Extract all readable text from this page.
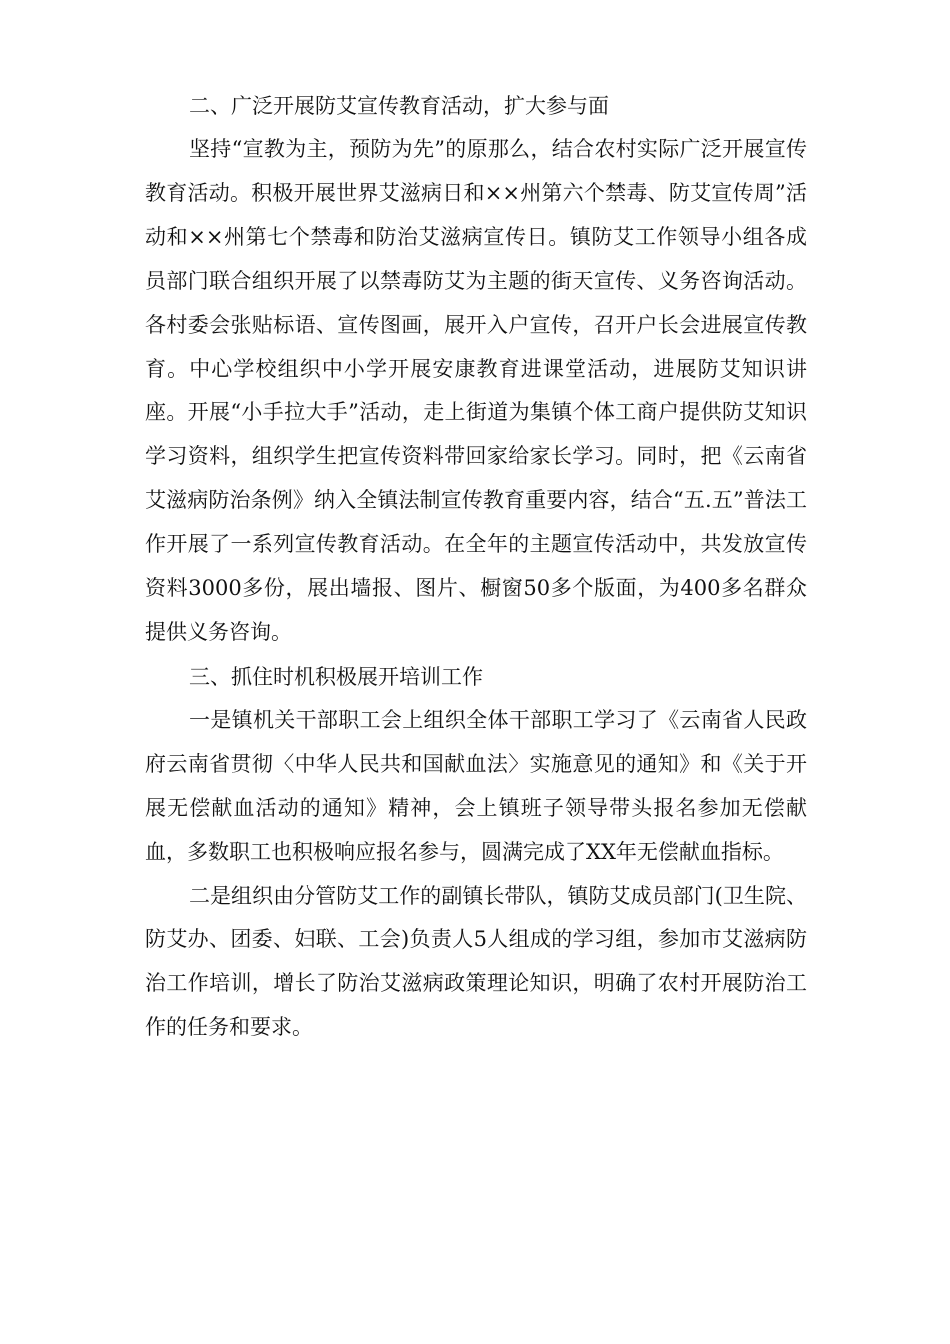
二、广泛开展防艾宣传教育活动，扩大参与面

坚持“宣教为主，预防为先”的原那么，结合农村实际广泛开展宣传教育活动。积极开展世界艾滋病日和××州第六个禁毒、防艾宣传周”活动和××州第七个禁毒和防治艾滋病宣传日。镇防艾工作领导小组各成员部门联合组织开展了以禁毒防艾为主题的街天宣传、义务咨询活动。各村委会张贴标语、宣传图画，展开入户宣传，召开户长会进展宣传教育。中心学校组织中小学开展安康教育进课堂活动，进展防艾知识讲座。开展“小手拉大手”活动，走上街道为集镇个体工商户提供防艾知识学习资料，组织学生把宣传资料带回家给家长学习。同时，把《云南省艾滋病防治条例》纳入全镇法制宣传教育重要内容，结合“五.五”普法工作开展了一系列宣传教育活动。在全年的主题宣传活动中，共发放宣传资料3000多份，展出墙报、图片、橱窗50多个版面，为400多名群众提供义务咨询。

三、抓住时机积极展开培训工作

一是镇机关干部职工会上组织全体干部职工学习了《云南省人民政府云南省贯彻〈中华人民共和国献血法〉实施意见的通知》和《关于开展无偿献血活动的通知》精神，会上镇班子领导带头报名参加无偿献血，多数职工也积极响应报名参与，圆满完成了XX年无偿献血指标。

二是组织由分管防艾工作的副镇长带队，镇防艾成员部门(卫生院、防艾办、团委、妇联、工会)负责人5人组成的学习组，参加市艾滋病防治工作培训，增长了防治艾滋病政策理论知识，明确了农村开展防治工作的任务和要求。
